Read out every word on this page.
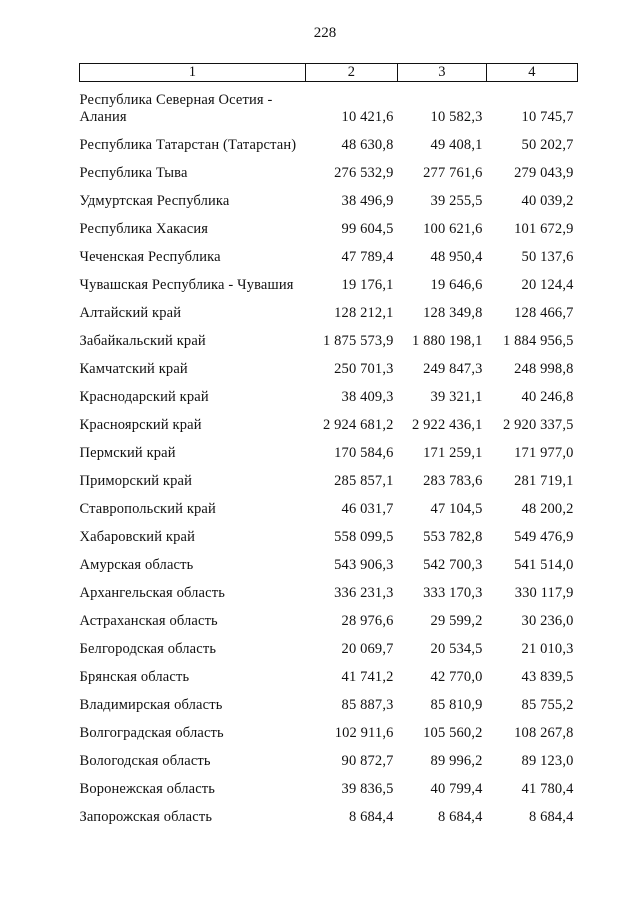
228
1	2	3	4
Республика Северная Осетия - Алания	10 421,6	10 582,3	10 745,7
Республика Татарстан (Татарстан)	48 630,8	49 408,1	50 202,7
Республика Тыва	276 532,9	277 761,6	279 043,9
Удмуртская Республика	38 496,9	39 255,5	40 039,2
Республика Хакасия	99 604,5	100 621,6	101 672,9
Чеченская Республика	47 789,4	48 950,4	50 137,6
Чувашская Республика - Чувашия	19 176,1	19 646,6	20 124,4
Алтайский край	128 212,1	128 349,8	128 466,7
Забайкальский край	1 875 573,9	1 880 198,1	1 884 956,5
Камчатский край	250 701,3	249 847,3	248 998,8
Краснодарский край	38 409,3	39 321,1	40 246,8
Красноярский край	2 924 681,2	2 922 436,1	2 920 337,5
Пермский край	170 584,6	171 259,1	171 977,0
Приморский край	285 857,1	283 783,6	281 719,1
Ставропольский край	46 031,7	47 104,5	48 200,2
Хабаровский край	558 099,5	553 782,8	549 476,9
Амурская область	543 906,3	542 700,3	541 514,0
Архангельская область	336 231,3	333 170,3	330 117,9
Астраханская область	28 976,6	29 599,2	30 236,0
Белгородская область	20 069,7	20 534,5	21 010,3
Брянская область	41 741,2	42 770,0	43 839,5
Владимирская область	85 887,3	85 810,9	85 755,2
Волгоградская область	102 911,6	105 560,2	108 267,8
Вологодская область	90 872,7	89 996,2	89 123,0
Воронежская область	39 836,5	40 799,4	41 780,4
Запорожская область	8 684,4	8 684,4	8 684,4
